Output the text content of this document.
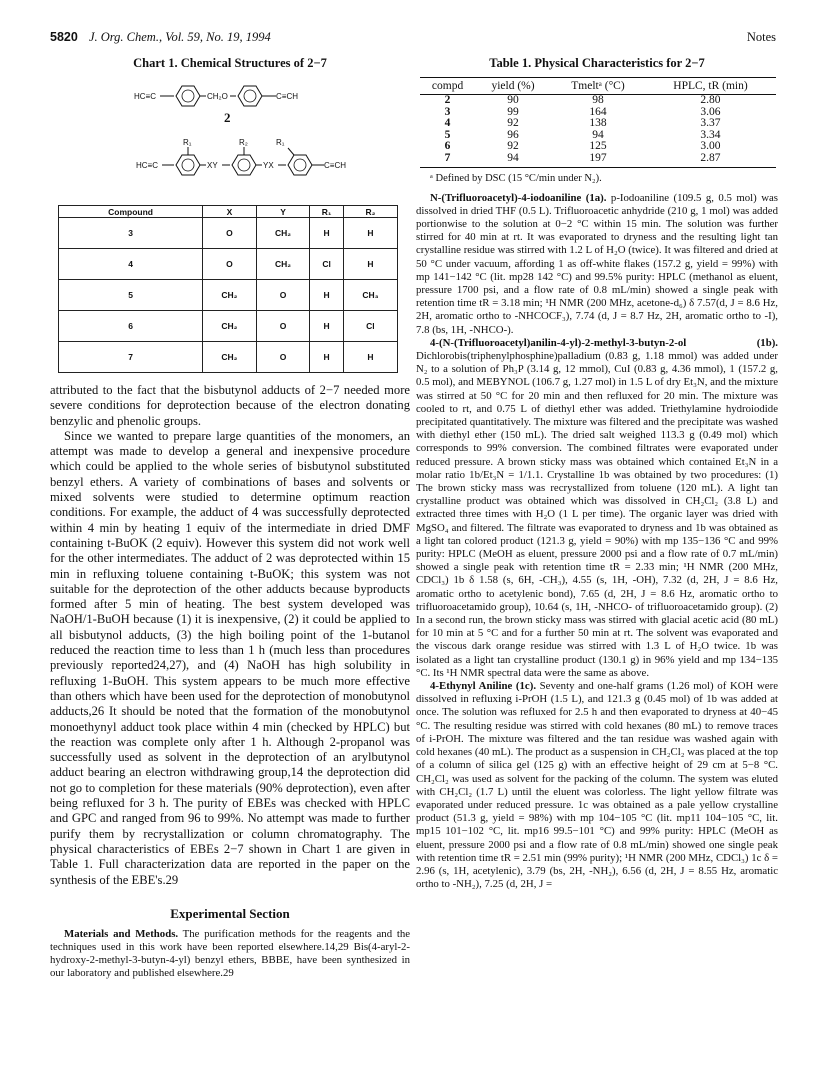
5820 J. Org. Chem., Vol. 59, No. 19, 1994	Notes
Chart 1. Chemical Structures of 2−7
HC≡C	CH₂O	C≡CH
2
HC≡C
R₁
XY
R₂
YX
R₁
C≡CH
Compound	X	Y	R₁	R₂
3	O	CH₂	H	H
4	O	CH₂	Cl	H
5	CH₂	O	H	CH₃
6	CH₂	O	H	Cl
7	CH₂	O	H	H

attributed to the fact that the bisbutynol adducts of 2−7 needed more severe conditions for deprotection because of the electron donating benzylic and phenolic groups.

Since we wanted to prepare large quantities of the monomers, an attempt was made to develop a general and inexpensive procedure which could be applied to the whole series of bisbutynol substituted benzyl ethers. A variety of combinations of bases and solvents or mixed solvents were studied to determine optimum reaction conditions. For example, the adduct of 4 was successfully deprotected within 4 min by heating 1 equiv of the intermediate in dried DMF containing t-BuOK (2 equiv). However this system did not work well for the other intermediates. The adduct of 2 was deprotected within 15 min in refluxing toluene containing t-BuOK; this system was not suitable for the deprotection of the other adducts because byproducts formed after 5 min of heating. The best system developed was NaOH/1-BuOH because (1) it is inexpensive, (2) it could be applied to all bisbutynol adducts, (3) the high boiling point of the 1-butanol reduced the reaction time to less than 1 h (much less than procedures previously reported24,27), and (4) NaOH has high solubility in refluxing 1-BuOH. This system appears to be much more effective than others which have been used for the deprotection of monobutynol adducts,26 It should be noted that the formation of the monobutynol monoethynyl adduct took place within 4 min (checked by HPLC) but the reaction was complete only after 1 h. Although 2-propanol was successfully used as solvent in the deprotection of an arylbutynol adduct bearing an electron withdrawing group,14 the deprotection did not go to completion for these materials (90% deprotection), even after being refluxed for 3 h. The purity of EBEs was checked with HPLC and GPC and ranged from 96 to 99%. No attempt was made to further purify them by recrystallization or column chromatography. The physical characteristics of EBEs 2−7 shown in Chart 1 are given in Table 1. Full characterization data are reported in the paper on the synthesis of the EBE's.29

Experimental Section

Materials and Methods. The purification methods for the reagents and the techniques used in this work have been reported elsewhere.14,29 Bis(4-aryl-2-hydroxy-2-methyl-3-butyn-4-yl) benzyl ethers, BBBE, have been synthesized in our laboratory and published elsewhere.29

Table 1. Physical Characteristics for 2−7
compd	yield (%)	Tmeltᵃ (°C)	HPLC, tR (min)
2	90	98	2.80
3	99	164	3.06
4	92	138	3.37
5	96	94	3.34
6	92	125	3.00
7	94	197	2.87
ᵃ Defined by DSC (15 °C/min under N₂).

N-(Trifluoroacetyl)-4-iodoaniline (1a). p-Iodoaniline (109.5 g, 0.5 mol) was dissolved in dried THF (0.5 L). Trifluoroacetic anhydride (210 g, 1 mol) was added portionwise to the solution at 0−2 °C within 15 min. The solution was further stirred for 40 min at rt. It was evaporated to dryness and the resulting light tan crystalline residue was stirred with 1.2 L of H₂O (twice). It was filtered and dried at 50 °C under vacuum, affording 1 as off-white flakes (157.2 g, yield = 99%) with mp 141−142 °C (lit. mp28 142 °C) and 99.5% purity: HPLC (methanol as eluent, pressure 1700 psi, and a flow rate of 0.8 mL/min) showed a single peak with retention time tR = 3.18 min; ¹H NMR (200 MHz, acetone-d₆) δ 7.57(d, J = 8.6 Hz, 2H, aromatic ortho to -NHCOCF₃), 7.74 (d, J = 8.7 Hz, 2H, aromatic ortho to -I), 7.8 (bs, 1H, -NHCO-).

4-(N-(Trifluoroacetyl)anilin-4-yl)-2-methyl-3-butyn-2-ol (1b). Dichlorobis(triphenylphosphine)palladium (0.83 g, 1.18 mmol) was added under N₂ to a solution of Ph₃P (3.14 g, 12 mmol), CuI (0.83 g, 4.36 mmol), 1 (157.2 g, 0.5 mol), and MEBYNOL (106.7 g, 1.27 mol) in 1.5 L of dry Et₃N, and the mixture was stirred at 50 °C for 20 min and then refluxed for 20 min. The mixture was cooled to rt, and 0.75 L of diethyl ether was added. Triethylamine hydroiodide precipitated quantitatively. The mixture was filtered and the precipitate was washed with diethyl ether (150 mL). The dried salt weighed 113.3 g (0.49 mol) which corresponds to 99% conversion. The combined filtrates were evaporated under reduced pressure. A brown sticky mass was obtained which contained Et₃N in a molar ratio 1b/Et₃N = 1/1.1. Crystalline 1b was obtained by two procedures: (1) The brown sticky mass was recrystallized from toluene (120 mL). A light tan crystalline product was obtained which was dissolved in CH₂Cl₂ (3.8 L) and extracted three times with H₂O (1 L per time). The organic layer was dried with MgSO₄ and filtered. The filtrate was evaporated to dryness and 1b was obtained as a light tan colored product (121.3 g, yield = 90%) with mp 135−136 °C and 99% purity: HPLC (MeOH as eluent, pressure 2000 psi and a flow rate of 0.7 mL/min) showed a single peak with retention time tR = 2.33 min; ¹H NMR (200 MHz, CDCl₃) 1b δ 1.58 (s, 6H, -CH₃), 4.55 (s, 1H, -OH), 7.32 (d, 2H, J = 8.6 Hz, aromatic ortho to acetylenic bond), 7.65 (d, 2H, J = 8.6 Hz, aromatic ortho to trifluoroacetamido group), 10.64 (s, 1H, -NHCO- of trifluoroacetamido group). (2) In a second run, the brown sticky mass was stirred with glacial acetic acid (80 mL) for 10 min at 5 °C and for a further 50 min at rt. The solvent was evaporated and the viscous dark orange residue was stirred with 1.3 L of H₂O twice. 1b was isolated as a light tan crystalline product (130.1 g) in 96% yield and mp 134−135 °C. Its ¹H NMR spectral data were the same as above.

4-Ethynyl Aniline (1c). Seventy and one-half grams (1.26 mol) of KOH were dissolved in refluxing i-PrOH (1.5 L), and 121.3 g (0.45 mol) of 1b was added at once. The solution was refluxed for 2.5 h and then evaporated to dryness at 40−45 °C. The resulting residue was stirred with cold hexanes (80 mL) to remove traces of i-PrOH. The mixture was filtered and the tan residue was washed again with cold hexanes (40 mL). The product as a suspension in CH₂Cl₂ was placed at the top of a column of silica gel (125 g) with an effective height of 29 cm at 5−8 °C. CH₂Cl₂ was used as solvent for the packing of the column. The system was eluted with CH₂Cl₂ (1.7 L) until the eluent was colorless. The light yellow filtrate was evaporated under reduced pressure. 1c was obtained as a pale yellow crystalline product (51.3 g, yield = 98%) with mp 104−105 °C (lit. mp11 104−105 °C, lit. mp15 101−102 °C, lit. mp16 99.5−101 °C) and 99% purity: HPLC (MeOH as eluent, pressure 2000 psi and a flow rate of 0.8 mL/min) showed one single peak with retention time tR = 2.51 min (99% purity); ¹H NMR (200 MHz, CDCl₃) 1c δ = 2.96 (s, 1H, acetylenic), 3.79 (bs, 2H, -NH₂), 6.56 (d, 2H, J = 8.55 Hz, aromatic ortho to -NH₂), 7.25 (d, 2H, J =
